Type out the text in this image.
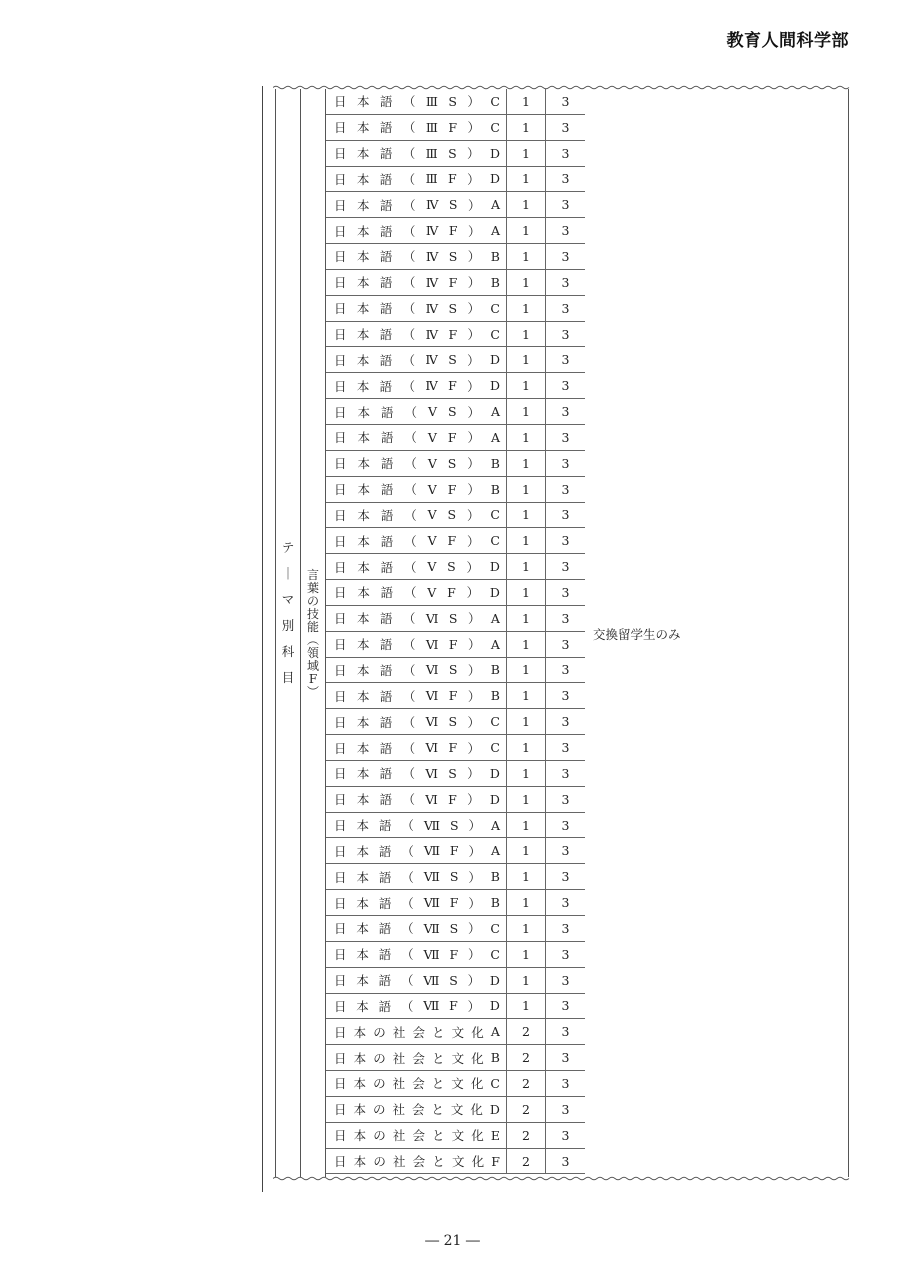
教育人間科学部
テ
｜
マ
別
科
目
言
葉
の
技
能
︵
領
域
F
︶
日 本 語 （ Ⅲ S ） C	1	3
日 本 語 （ Ⅲ F ） C	1	3
日 本 語 （ Ⅲ S ） D	1	3
日 本 語 （ Ⅲ F ） D	1	3
日 本 語 （ Ⅳ S ） A	1	3
日 本 語 （ Ⅳ F ） A	1	3
日 本 語 （ Ⅳ S ） B	1	3
日 本 語 （ Ⅳ F ） B	1	3
日 本 語 （ Ⅳ S ） C	1	3
日 本 語 （ Ⅳ F ） C	1	3
日 本 語 （ Ⅳ S ） D	1	3
日 本 語 （ Ⅳ F ） D	1	3
日 本 語 （ Ⅴ S ） A	1	3
日 本 語 （ Ⅴ F ） A	1	3
日 本 語 （ Ⅴ S ） B	1	3
日 本 語 （ Ⅴ F ） B	1	3
日 本 語 （ Ⅴ S ） C	1	3
日 本 語 （ Ⅴ F ） C	1	3
日 本 語 （ Ⅴ S ） D	1	3
日 本 語 （ Ⅴ F ） D	1	3
日 本 語 （ Ⅵ S ） A	1	3
日 本 語 （ Ⅵ F ） A	1	3
日 本 語 （ Ⅵ S ） B	1	3
日 本 語 （ Ⅵ F ） B	1	3
日 本 語 （ Ⅵ S ） C	1	3
日 本 語 （ Ⅵ F ） C	1	3
日 本 語 （ Ⅵ S ） D	1	3
日 本 語 （ Ⅵ F ） D	1	3
日 本 語 （ Ⅶ S ） A	1	3
日 本 語 （ Ⅶ F ） A	1	3
日 本 語 （ Ⅶ S ） B	1	3
日 本 語 （ Ⅶ F ） B	1	3
日 本 語 （ Ⅶ S ） C	1	3
日 本 語 （ Ⅶ F ） C	1	3
日 本 語 （ Ⅶ S ） D	1	3
日 本 語 （ Ⅶ F ） D	1	3
日 本 の 社 会 と 文 化 A	2	3
日 本 の 社 会 と 文 化 B	2	3
日 本 の 社 会 と 文 化 C	2	3
日 本 の 社 会 と 文 化 D	2	3
日 本 の 社 会 と 文 化 E	2	3
日 本 の 社 会 と 文 化 F	2	3
交換留学生のみ
― 21 ―
